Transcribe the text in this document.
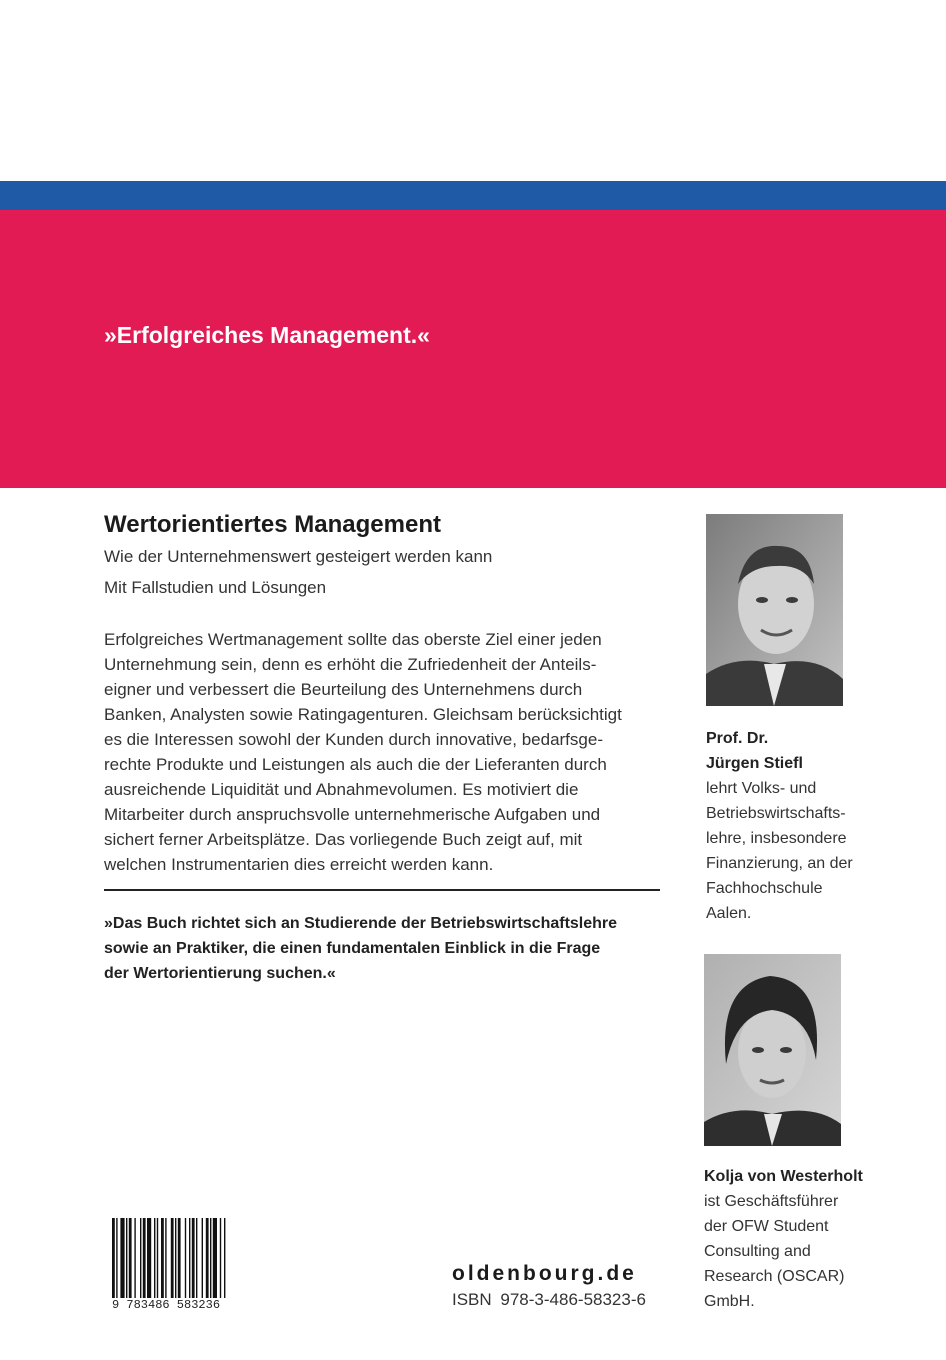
»Erfolgreiches Management.«
Wertorientiertes Management
Wie der Unternehmenswert gesteigert werden kann
Mit Fallstudien und Lösungen
Erfolgreiches Wertmanagement sollte das oberste Ziel einer jeden
Unternehmung sein, denn es erhöht die Zufriedenheit der Anteils-
eigner und verbessert die Beurteilung des Unternehmens durch
Banken, Analysten sowie Ratingagenturen. Gleichsam berücksichtigt
es die Interessen sowohl der Kunden durch innovative, bedarfsge-
rechte Produkte und Leistungen als auch die der Lieferanten durch
ausreichende Liquidität und Abnahmevolumen. Es motiviert die
Mitarbeiter durch anspruchsvolle unternehmerische Aufgaben und
sichert ferner Arbeitsplätze. Das vorliegende Buch zeigt auf, mit
welchen Instrumentarien dies erreicht werden kann.
»Das Buch richtet sich an Studierende der Betriebswirtschaftslehre
sowie an Praktiker, die einen fundamentalen Einblick in die Frage
der Wertorientierung suchen.«
Prof. Dr.
Jürgen Stiefl
lehrt Volks- und
Betriebswirtschafts-
lehre, insbesondere
Finanzierung, an der
Fachhochschule
Aalen.
Kolja von Westerholt
ist Geschäftsführer
der OFW Student
Consulting and
Research (OSCAR)
GmbH.
9 783486 583236
oldenbourg.de
ISBN 978-3-486-58323-6
